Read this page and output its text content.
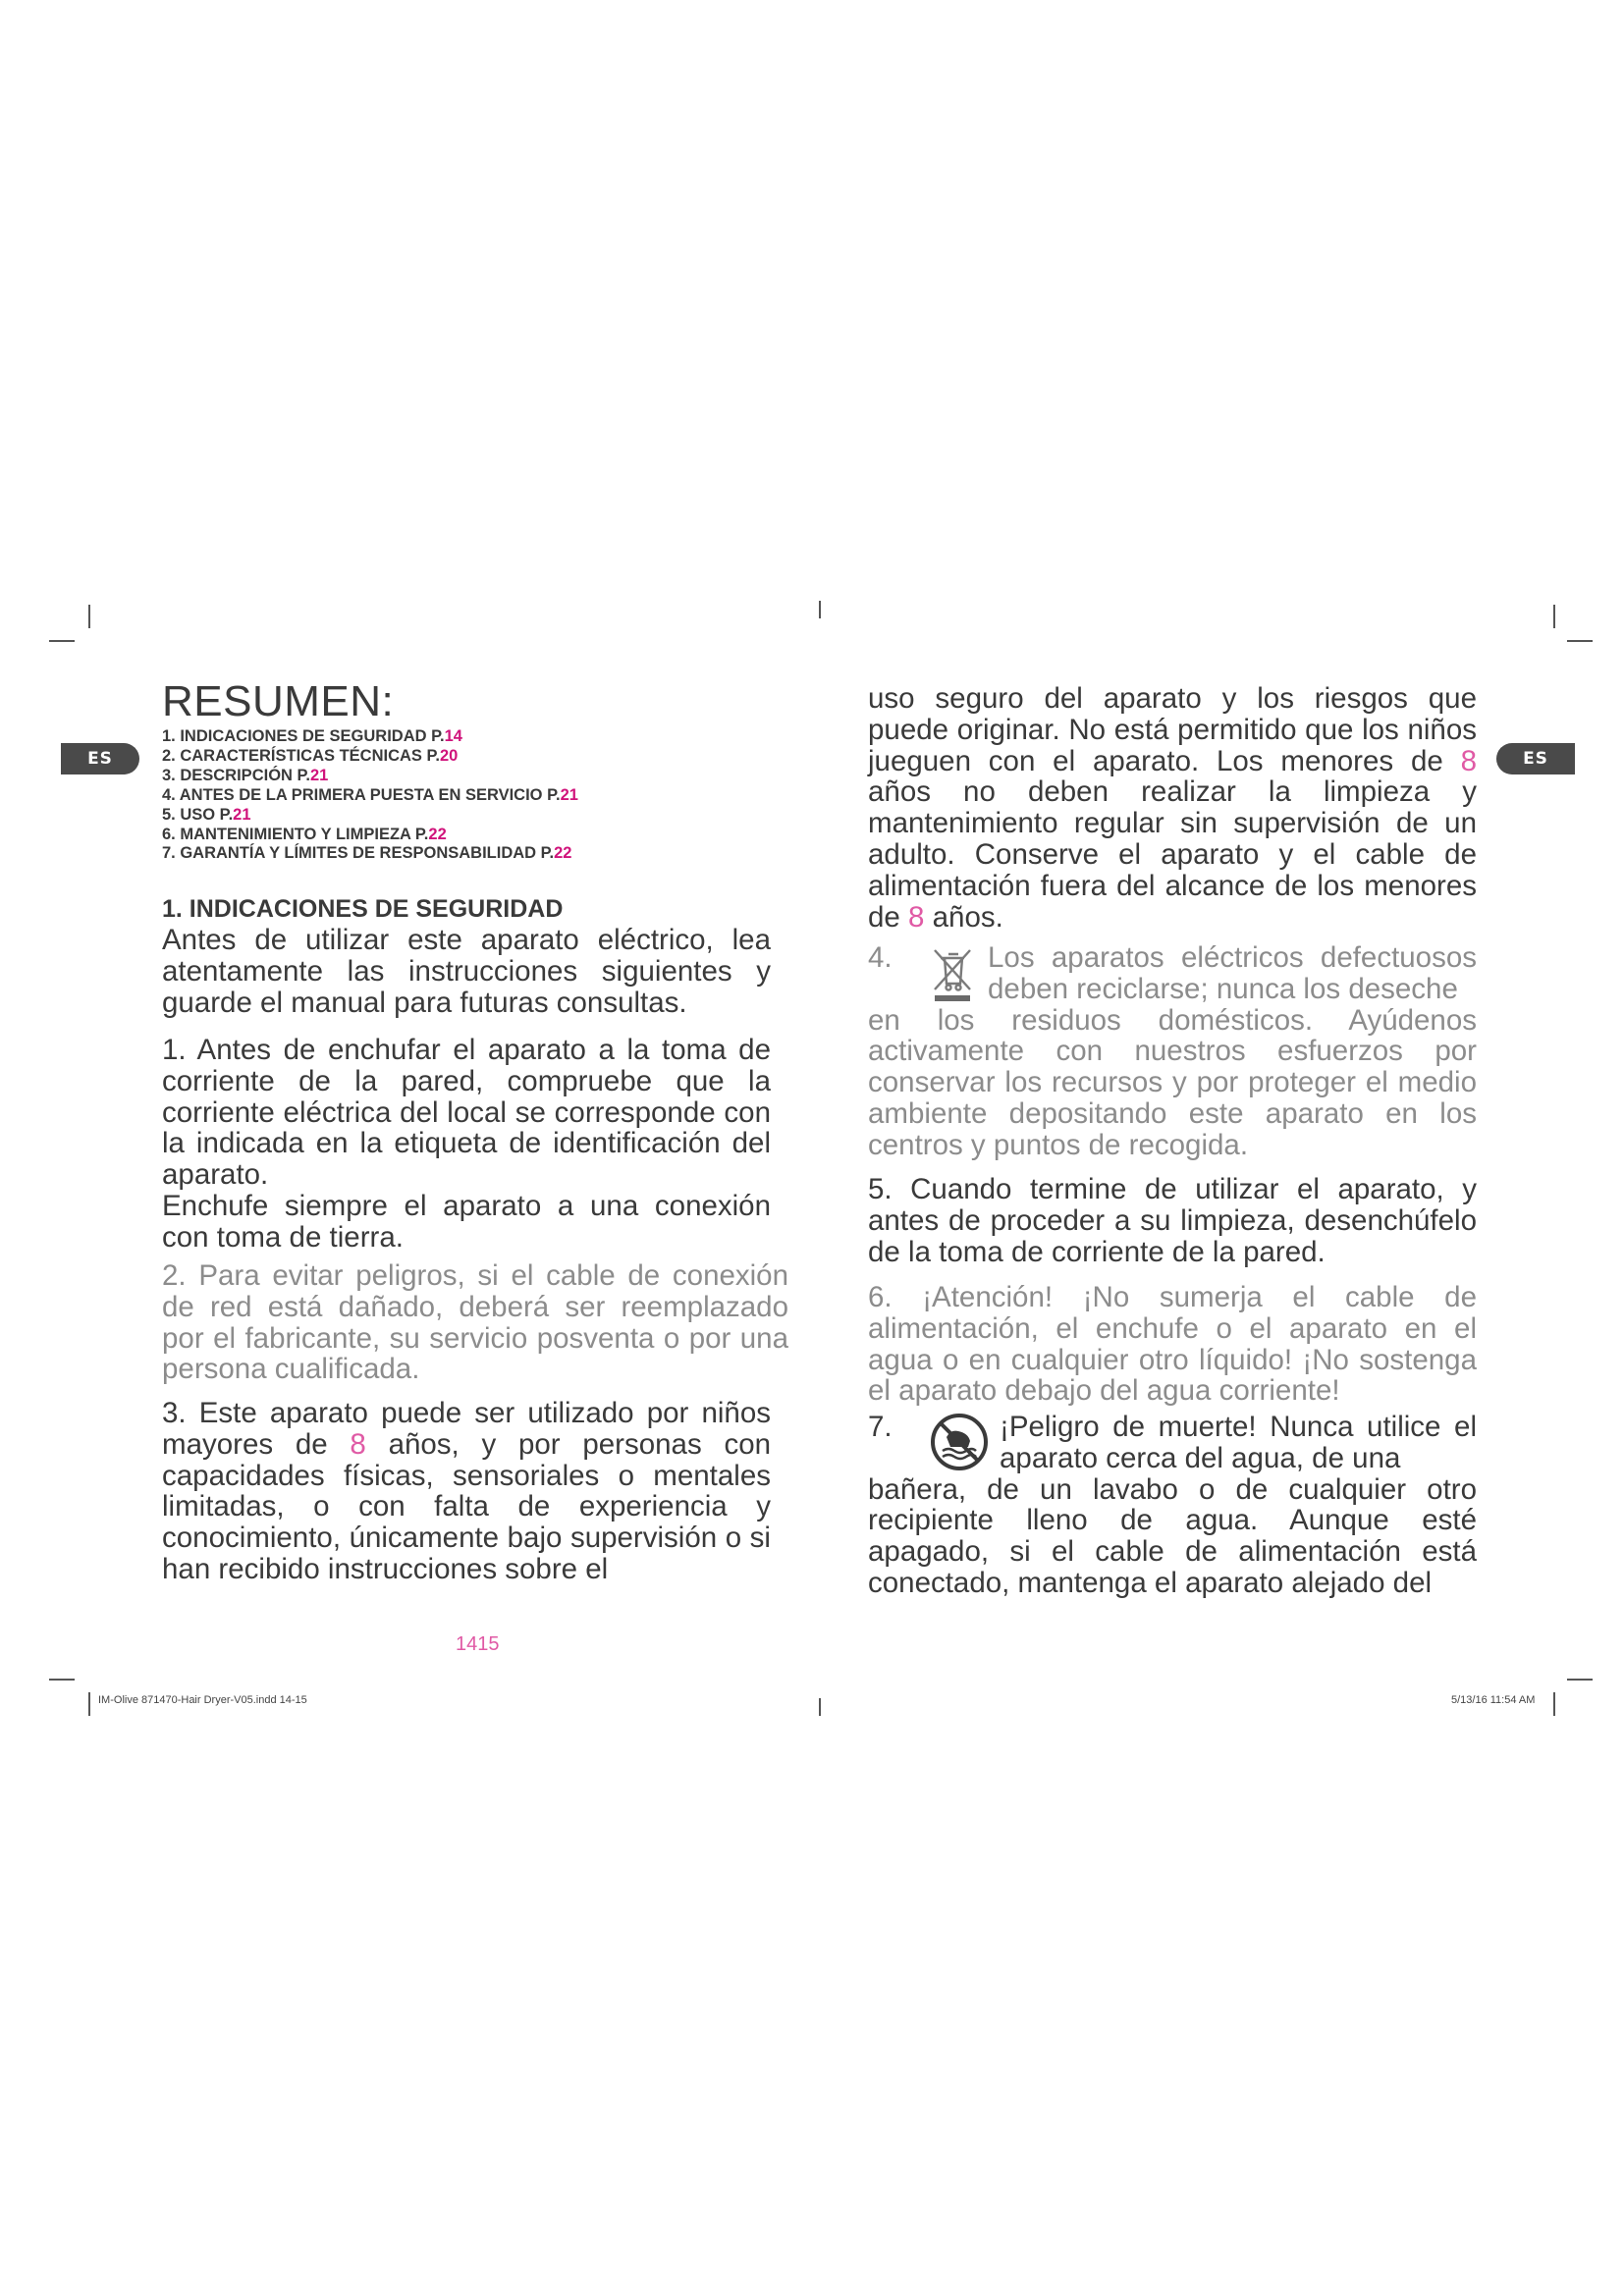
ES	ES
RESUMEN:
1. INDICACIONES DE SEGURIDAD P.14
2. CARACTERÍSTICAS TÉCNICAS P.20
3. DESCRIPCIÓN P.21
4. ANTES DE LA PRIMERA PUESTA EN SERVICIO P.21
5. USO P.21
6. MANTENIMIENTO Y LIMPIEZA P.22
7. GARANTÍA Y LÍMITES DE RESPONSABILIDAD P.22
1. INDICACIONES DE SEGURIDAD

Antes de utilizar este aparato eléctrico, lea atentamente las instrucciones siguientes y guarde el manual para futuras consultas.

1. Antes de enchufar el aparato a la toma de corriente de la pared, compruebe que la corriente eléctrica del local se corresponde con la indicada en la etiqueta de identificación del aparato.

Enchufe siempre el aparato a una conexión con toma de tierra.

2. Para evitar peligros, si el cable de conexión de red está dañado, deberá ser reemplazado por el fabricante, su servicio posventa o por una persona cualificada.

3. Este aparato puede ser utilizado por niños mayores de 8 años, y por personas con capacidades físicas, sensoriales o mentales limitadas, o con falta de experiencia y conocimiento, únicamente bajo supervisión o si han recibido instrucciones sobre el

1415

uso seguro del aparato y los riesgos que puede originar. No está permitido que los niños jueguen con el aparato. Los menores de 8 años no deben realizar la limpieza y mantenimiento regular sin supervisión de un adulto. Conserve el aparato y el cable de alimentación fuera del alcance de los menores de 8 años.

4.	Los aparatos eléctricos defectuosos deben reciclarse; nunca los deseche

en los residuos domésticos. Ayúdenos activamente con nuestros esfuerzos por conservar los recursos y por proteger el medio ambiente depositando este aparato en los centros y puntos de recogida.

5. Cuando termine de utilizar el aparato, y antes de proceder a su limpieza, desenchúfelo de la toma de corriente de la pared.

6. ¡Atención! ¡No sumerja el cable de alimentación, el enchufe o el aparato en el agua o en cualquier otro líquido! ¡No sostenga el aparato debajo del agua corriente!

7.	¡Peligro de muerte! Nunca utilice el aparato cerca del agua, de una

bañera, de un lavabo o de cualquier otro recipiente lleno de agua. Aunque esté apagado, si el cable de alimentación está conectado, mantenga el aparato alejado del

IM-Olive 871470-Hair Dryer-V05.indd 14-15	5/13/16 11:54 AM
